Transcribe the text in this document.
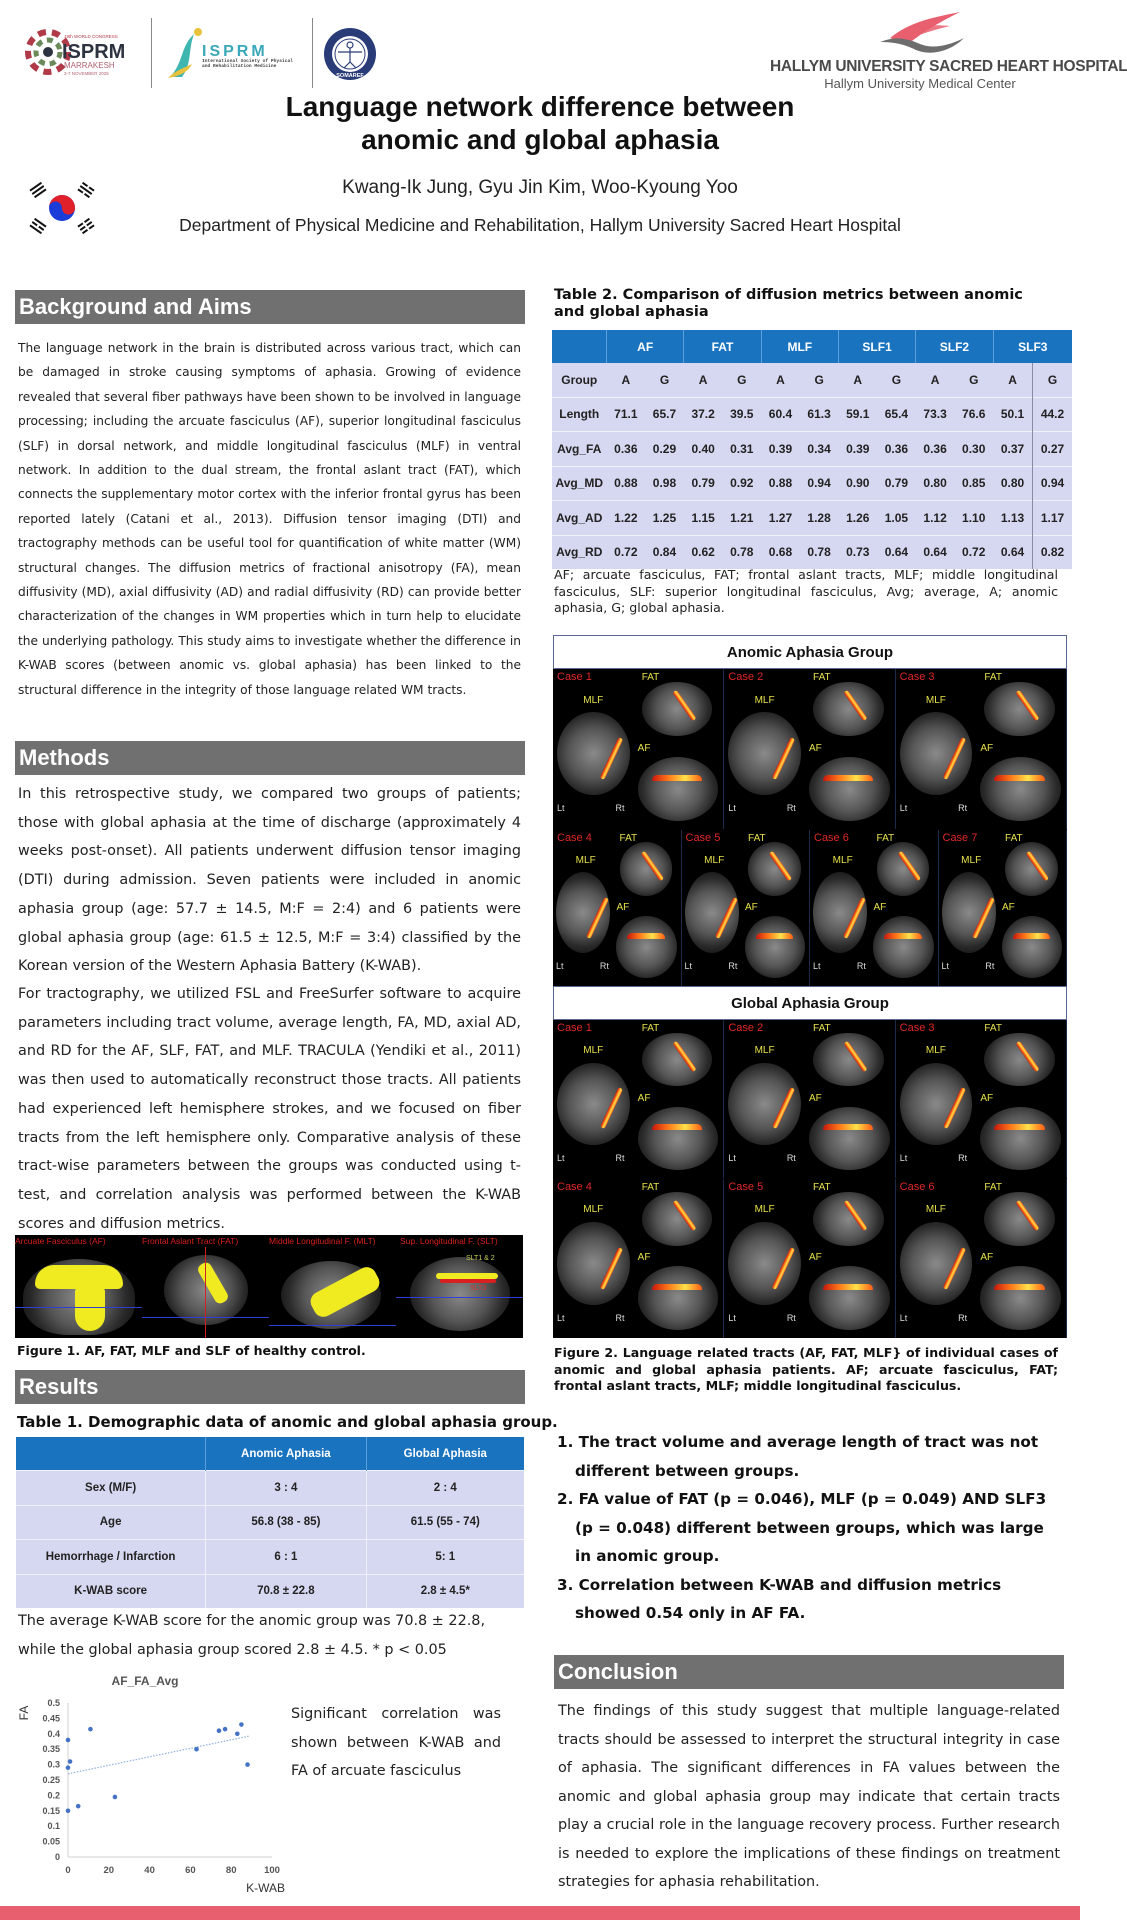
19th WORLD CONGRESS
ISPRM
MARRAKESH
3-7 NOVEMBER 2025
ISPRM
International Society of Physical and Rehabilitation Medicine
SOMAREF
HALLYM UNIVERSITY SACRED HEART HOSPITAL
Hallym University Medical Center
Language network difference between
anomic and global aphasia
Kwang-Ik Jung, Gyu Jin Kim, Woo-Kyoung Yoo
Department of Physical Medicine and Rehabilitation, Hallym University Sacred Heart Hospital
Background and Aims
The language network in the brain is distributed across various tract, which can be damaged in stroke causing symptoms of aphasia. Growing of evidence revealed that several fiber pathways have been shown to be involved in language processing; including the arcuate fasciculus (AF), superior longitudinal fasciculus (SLF) in dorsal network, and middle longitudinal fasciculus (MLF) in ventral network. In addition to the dual stream, the frontal aslant tract (FAT), which connects the supplementary motor cortex with the inferior frontal gyrus has been reported lately (Catani et al., 2013). Diffusion tensor imaging (DTI) and tractography methods can be useful tool for quantification of white matter (WM) structural changes. The diffusion metrics of fractional anisotropy (FA), mean diffusivity (MD), axial diffusivity (AD) and radial diffusivity (RD) can provide better characterization of the changes in WM properties which in turn help to elucidate the underlying pathology. This study aims to investigate whether the difference in K-WAB scores (between anomic vs. global aphasia) has been linked to the structural difference in the integrity of those language related WM tracts.
Methods
In this retrospective study, we compared two groups of patients; those with global aphasia at the time of discharge (approximately 4 weeks post-onset). All patients underwent diffusion tensor imaging (DTI) during admission. Seven patients were included in anomic aphasia group (age: 57.7 ± 14.5, M:F = 2:4) and 6 patients were global aphasia group (age: 61.5 ± 12.5, M:F = 3:4) classified by the Korean version of the Western Aphasia Battery (K-WAB).
For tractography, we utilized FSL and FreeSurfer software to acquire parameters including tract volume, average length, FA, MD, axial AD, and RD for the AF, SLF, FAT, and MLF. TRACULA (Yendiki et al., 2011) was then used to automatically reconstruct those tracts. All patients had experienced left hemisphere strokes, and we focused on fiber tracts from the left hemisphere only. Comparative analysis of these tract-wise parameters between the groups was conducted using t-test, and correlation analysis was performed between the K-WAB scores and diffusion metrics.
Arcuate Fasciculus (AF)	Frontal Aslant Tract (FAT)	Middle Longitudinal F. (MLT)	Sup. Longitudinal F. (SLT)
SLT1 & 2
SLT3
Figure 1. AF, FAT, MLF and SLF of healthy control.
Results
Table 1. Demographic data of anomic and global aphasia group.
	Anomic Aphasia	Global Aphasia
Sex (M/F)	3 : 4	2 : 4
Age	56.8 (38 - 85)	61.5 (55 - 74)
Hemorrhage / Infarction	6 : 1	5: 1
K-WAB score	70.8 ± 22.8	2.8 ± 4.5*
The average K-WAB score for the anomic group was 70.8 ± 22.8, while the global aphasia group scored 2.8 ± 4.5. * p < 0.05
AF_FA_Avg
FA
K-WAB
0
0.05
0.1
0.15
0.2
0.25
0.3
0.35
0.4
0.45
0.5
0	20	40	60	80	100
Significant correlation was shown between K-WAB and FA of arcuate fasciculus
Table 2. Comparison of diffusion metrics between anomic and global aphasia
	AF	FAT	MLF	SLF1	SLF2	SLF3
Group	A	G	A	G	A	G	A	G	A	G	A	G
Length	71.1	65.7	37.2	39.5	60.4	61.3	59.1	65.4	73.3	76.6	50.1	44.2
Avg_FA	0.36	0.29	0.40	0.31	0.39	0.34	0.39	0.36	0.36	0.30	0.37	0.27
Avg_MD	0.88	0.98	0.79	0.92	0.88	0.94	0.90	0.79	0.80	0.85	0.80	0.94
Avg_AD	1.22	1.25	1.15	1.21	1.27	1.28	1.26	1.05	1.12	1.10	1.13	1.17
Avg_RD	0.72	0.84	0.62	0.78	0.68	0.78	0.73	0.64	0.64	0.72	0.64	0.82
AF; arcuate fasciculus, FAT; frontal aslant tracts, MLF; middle longitudinal fasciculus, SLF: superior longitudinal fasciculus, Avg; average, A; anomic aphasia, G; global aphasia.
Anomic Aphasia Group
Case 1
MLF
FAT
AF
Lt	Rt
Case 2
MLF
FAT
AF
Lt	Rt
Case 3
MLF
FAT
AF
Lt	Rt
Case 4
MLF
FAT
AF
Lt	Rt
Case 5
MLF
FAT
AF
Lt	Rt
Case 6
MLF
FAT
AF
Lt	Rt
Case 7
MLF
FAT
AF
Lt	Rt
Global Aphasia Group
Case 1
MLF
FAT
AF
Lt	Rt
Case 2
MLF
FAT
AF
Lt	Rt
Case 3
MLF
FAT
AF
Lt	Rt
Case 4
MLF
FAT
AF
Lt	Rt
Case 5
MLF
FAT
AF
Lt	Rt
Case 6
MLF
FAT
AF
Lt	Rt
Figure 2. Language related tracts (AF, FAT, MLF} of individual cases of anomic and global aphasia patients. AF; arcuate fasciculus, FAT; frontal aslant tracts, MLF; middle longitudinal fasciculus.
1. The tract volume and average length of tract was not different between groups.
2. FA value of FAT (p = 0.046), MLF (p = 0.049) AND SLF3 (p = 0.048) different between groups, which was large in anomic group.
3. Correlation between K-WAB and diffusion metrics showed 0.54 only in AF FA.
Conclusion
The findings of this study suggest that multiple language-related tracts should be assessed to interpret the structural integrity in case of aphasia. The significant differences in FA values between the anomic and global aphasia group may indicate that certain tracts play a crucial role in the language recovery process. Further research is needed to explore the implications of these findings on treatment strategies for aphasia rehabilitation.
